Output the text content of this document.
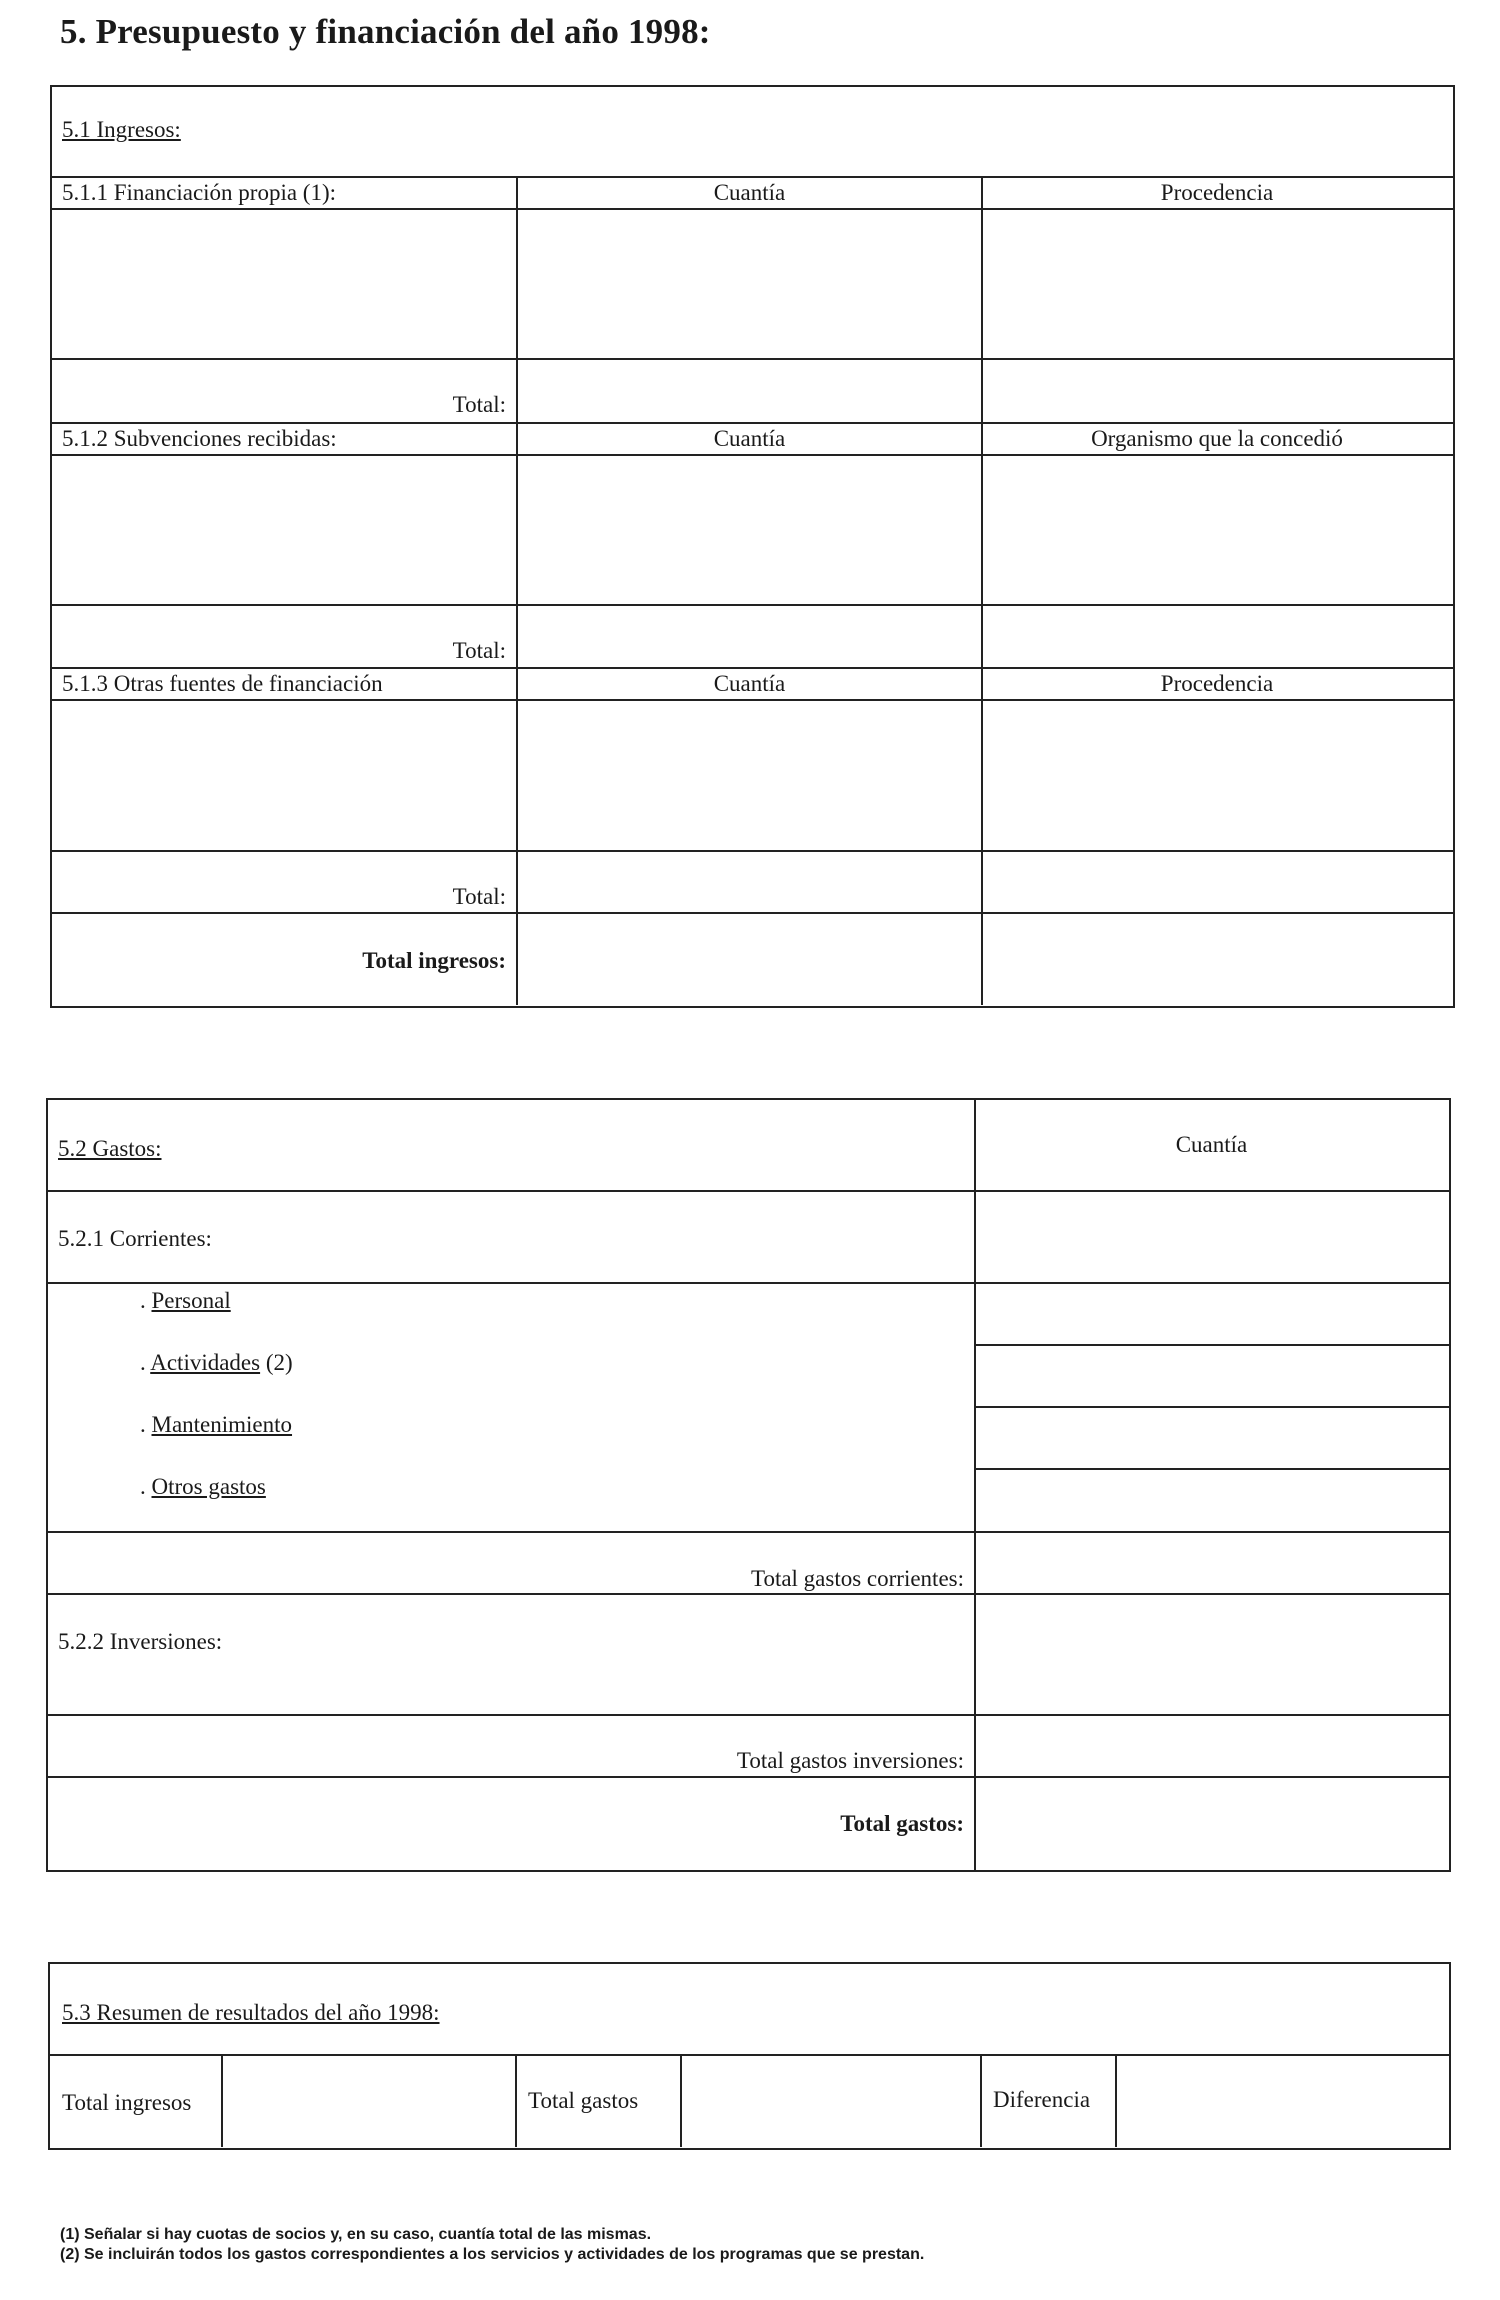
5. Presupuesto y financiación del año 1998:
5.1 Ingresos:
5.1.1 Financiación propia (1):	Cuantía	Procedencia
Total:
5.1.2 Subvenciones recibidas:	Cuantía	Organismo que la concedió
Total:
5.1.3 Otras fuentes de financiación	Cuantía	Procedencia
Total:
Total ingresos:
5.2 Gastos:	Cuantía
5.2.1 Corrientes:
. Personal
. Actividades (2)
. Mantenimiento
. Otros gastos
Total gastos corrientes:
5.2.2 Inversiones:
Total gastos inversiones:
Total gastos:
5.3 Resumen de resultados del año 1998:
Total ingresos	Total gastos	Diferencia
(1) Señalar si hay cuotas de socios y, en su caso, cuantía total de las mismas.
(2) Se incluirán todos los gastos correspondientes a los servicios y actividades de los programas que se prestan.
